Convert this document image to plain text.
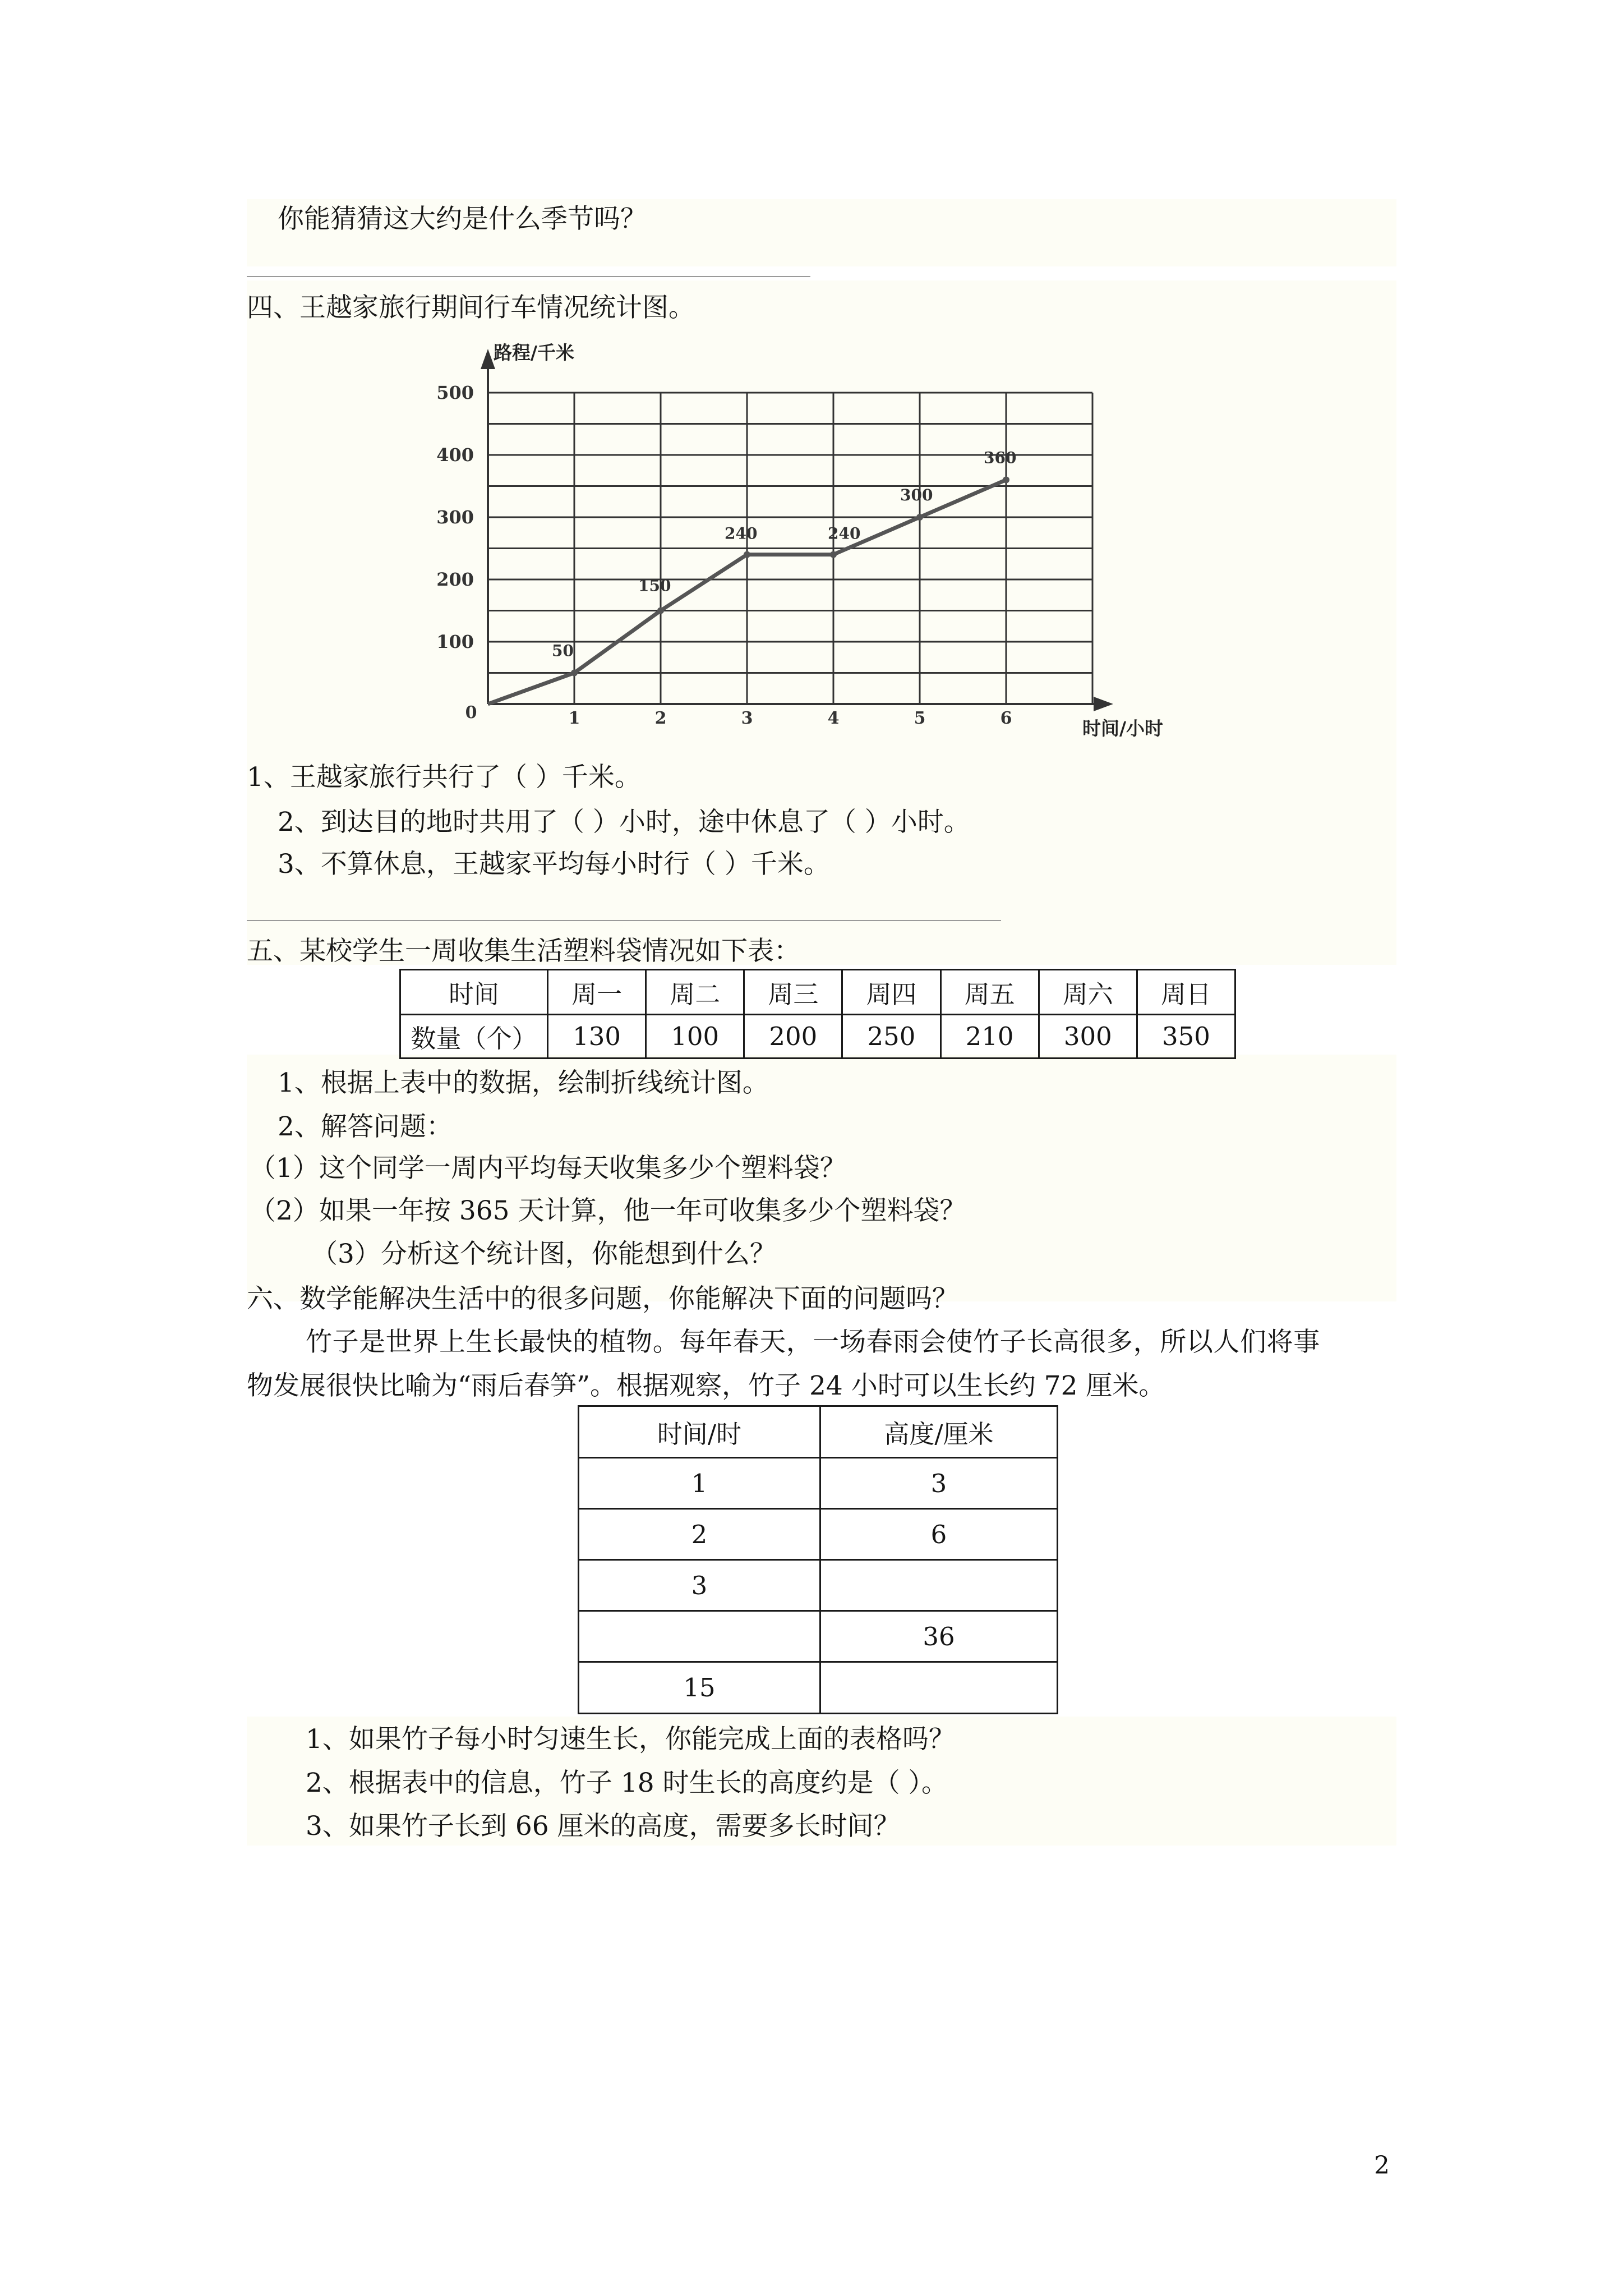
你能猜猜这大约是什么季节吗？
四、王越家旅行期间行车情况统计图。
路程/千米
时间/小时
100
200
300
400
500
0	1	2	3	4	5	6
50
150
240	240
300
360
1、王越家旅行共行了（ ）千米。
2、到达目的地时共用了（ ）小时，途中休息了（ ）小时。
3、不算休息，王越家平均每小时行（ ）千米。
五、某校学生一周收集生活塑料袋情况如下表：
时间	周一	周二	周三	周四	周五	周六	周日
数量（个）	130	100	200	250	210	300	350
1、根据上表中的数据，绘制折线统计图。
2、解答问题：
（1）这个同学一周内平均每天收集多少个塑料袋？
（2）如果一年按 365 天计算，他一年可收集多少个塑料袋？
（3）分析这个统计图，你能想到什么？
六、数学能解决生活中的很多问题，你能解决下面的问题吗？
竹子是世界上生长最快的植物。每年春天，一场春雨会使竹子长高很多，所以人们将事
物发展很快比喻为“雨后春笋”。根据观察，竹子 24 小时可以生长约 72 厘米。
时间/时	高度/厘米
1	3
2	6
3	
	36
15	
1、如果竹子每小时匀速生长，你能完成上面的表格吗？
2、根据表中的信息，竹子 18 时生长的高度约是（ ）。
3、如果竹子长到 66 厘米的高度，需要多长时间？
2
